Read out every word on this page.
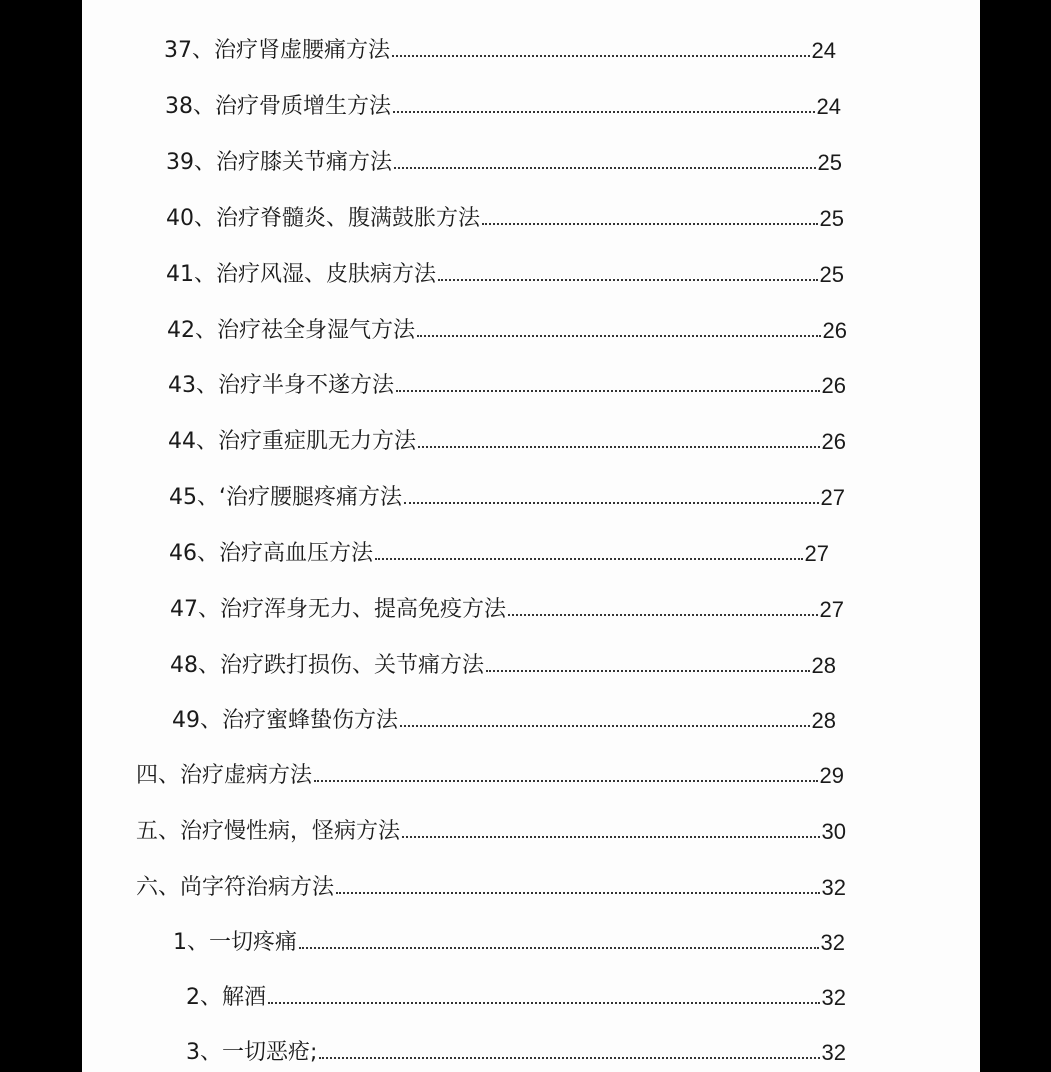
37、治疗肾虚腰痛方法	24
38、治疗骨质增生方法	24
39、治疗膝关节痛方法	25
40、治疗脊髓炎、腹满鼓胀方法	25
41、治疗风湿、皮肤病方法	25
42、治疗祛全身湿气方法	26
43、治疗半身不遂方法	26
44、治疗重症肌无力方法	26
45、‘治疗腰腿疼痛方法	27
46、治疗高血压方法	27
47、治疗浑身无力、提高免疫方法	27
48、治疗跌打损伤、关节痛方法	28
49、治疗蜜蜂蛰伤方法	28
四、治疗虚病方法	29
五、治疗慢性病，怪病方法	30
六、尚字符治病方法	32
1、一切疼痛	32
2、解酒	32
3、一切恶疮;	32
